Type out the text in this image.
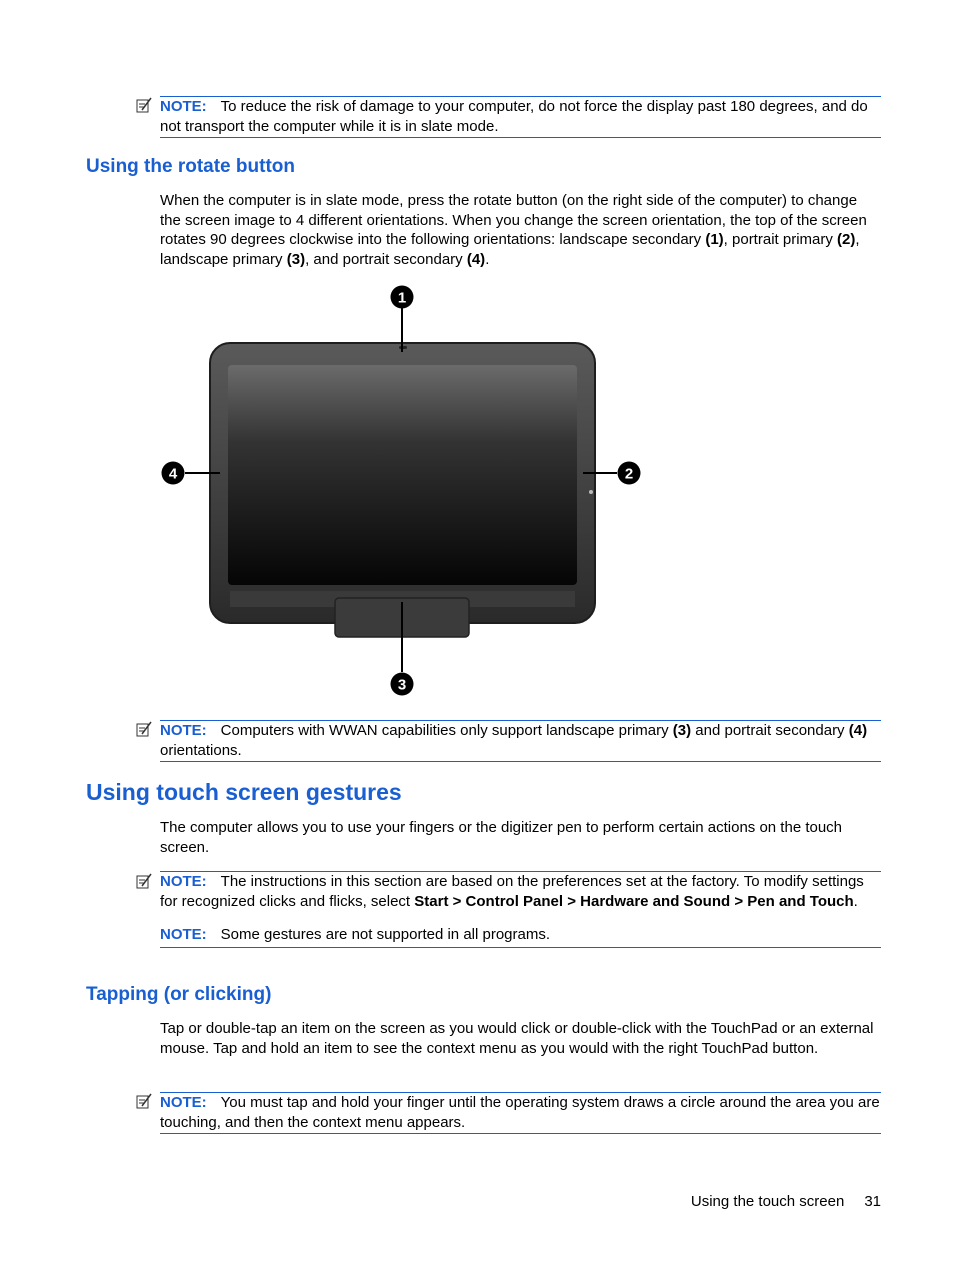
NOTE: To reduce the risk of damage to your computer, do not force the display past 180 degrees, and do not transport the computer while it is in slate mode.
Using the rotate button

When the computer is in slate mode, press the rotate button (on the right side of the computer) to change the screen image to 4 different orientations. When you change the screen orientation, the top of the screen rotates 90 degrees clockwise into the following orientations: landscape secondary (1), portrait primary (2), landscape primary (3), and portrait secondary (4).

1
2
3
4
NOTE: Computers with WWAN capabilities only support landscape primary (3) and portrait secondary (4) orientations.
Using touch screen gestures

The computer allows you to use your fingers or the digitizer pen to perform certain actions on the touch screen.

NOTE: The instructions in this section are based on the preferences set at the factory. To modify settings for recognized clicks and flicks, select Start > Control Panel > Hardware and Sound > Pen and Touch.
NOTE: Some gestures are not supported in all programs.
Tapping (or clicking)

Tap or double-tap an item on the screen as you would click or double-click with the TouchPad or an external mouse. Tap and hold an item to see the context menu as you would with the right TouchPad button.

NOTE: You must tap and hold your finger until the operating system draws a circle around the area you are touching, and then the context menu appears.
Using the touch screen 31
